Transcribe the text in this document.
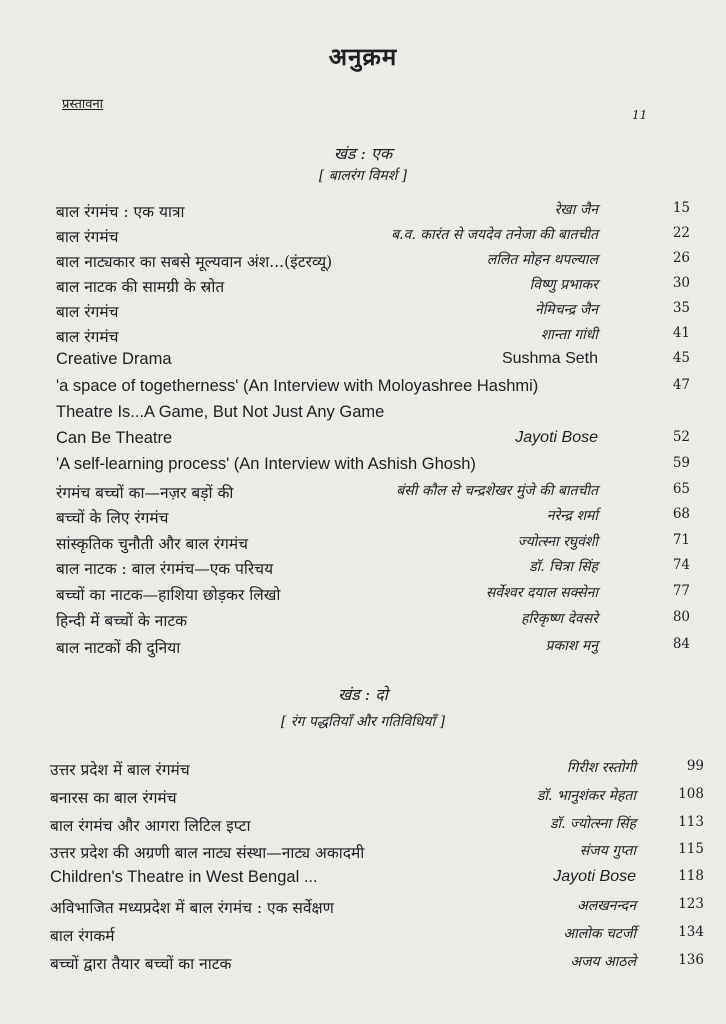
अनुक्रम
प्रस्तावना
11
खंड : एक
[ बालरंग विमर्श ]
खंड : दो
[ रंग पद्धतियाँ और गतिविधियाँ ]
बाल रंगमंच : एक यात्रा	रेखा जैन	15
बाल रंगमंच	ब.व. कारंत से जयदेव तनेजा की बातचीत	22
बाल नाट्यकार का सबसे मूल्यवान अंश...(इंटरव्यू)	ललित मोहन थपल्याल	26
बाल नाटक की सामग्री के स्रोत	विष्णु प्रभाकर	30
बाल रंगमंच	नेमिचन्द्र जैन	35
बाल रंगमंच	शान्ता गांधी	41
Creative Drama	Sushma Seth	45
'a space of togetherness' (An Interview with Moloyashree Hashmi)	47
Theatre Is...A Game, But Not Just Any Game
Can Be Theatre	Jayoti Bose	52
'A self-learning process' (An Interview with Ashish Ghosh)	59
रंगमंच बच्चों का—नज़र बड़ों की	बंसी कौल से चन्द्रशेखर मुंजे की बातचीत	65
बच्चों के लिए रंगमंच	नरेन्द्र शर्मा	68
सांस्कृतिक चुनौती और बाल रंगमंच	ज्योत्स्ना रघुवंशी	71
बाल नाटक : बाल रंगमंच—एक परिचय	डॉ. चित्रा सिंह	74
बच्चों का नाटक—हाशिया छोड़कर लिखो	सर्वेश्वर दयाल सक्सेना	77
हिन्दी में बच्चों के नाटक	हरिकृष्ण देवसरे	80
बाल नाटकों की दुनिया	प्रकाश मनु	84
उत्तर प्रदेश में बाल रंगमंच	गिरीश रस्तोगी	99
बनारस का बाल रंगमंच	डॉ. भानुशंकर मेहता	108
बाल रंगमंच और आगरा लिटिल इप्टा	डॉ. ज्योत्स्ना सिंह	113
उत्तर प्रदेश की अग्रणी बाल नाट्य संस्था—नाट्य अकादमी	संजय गुप्ता	115
Children's Theatre in West Bengal ...	Jayoti Bose	118
अविभाजित मध्यप्रदेश में बाल रंगमंच : एक सर्वेक्षण	अलखनन्दन	123
बाल रंगकर्म	आलोक चटर्जी	134
बच्चों द्वारा तैयार बच्चों का नाटक	अजय आठले	136
